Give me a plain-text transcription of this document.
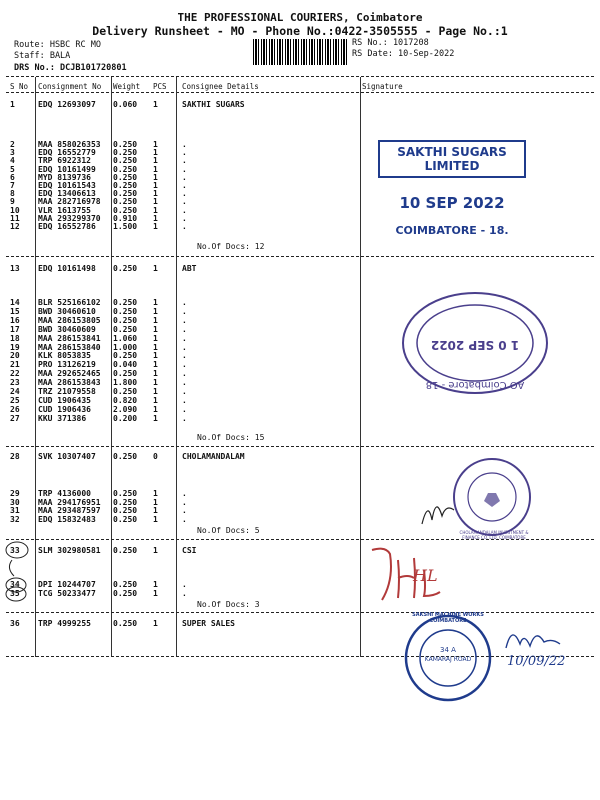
THE PROFESSIONAL COURIERS, Coimbatore
Delivery Runsheet - MO - Phone No.:0422-3505555 - Page No.:1
Route: HSBC RC MO
Staff: BALA
DRS No.: DCJB101720801
RS No.: 1017208
RS Date: 10-Sep-2022
S No Consignment No Weight PCS Consignee Details	Signature
1	EDQ 12693097 0.060 1	SAKTHI SUGARS
2	MAA 858026353 0.250 1	.
3	EDQ 16552779 0.250 1	.
4	TRP 6922312	0.250 1	.
5	EDQ 10161499 0.250 1	.
6	MYD 8139736	0.250 1	.
7	EDQ 10161543 0.250 1	.
8	EDQ 13406613 0.250 1	.
9	MAA 282716978 0.250 1	.
10 VLR 1613755	0.250 1	.
11 MAA 293299370 0.910 1	.
12 EDQ 16552786 1.500 1	.
No.Of Docs: 12
13 EDQ 10161498 0.250 1	ABT
14 BLR 525166102 0.250 1	.
15 BWD 30460610 0.250 1	.
16 MAA 286153805 0.250 1	.
17 BWD 30460609 0.250 1	.
18 MAA 286153841 1.060 1	.
19 MAA 286153840 1.000 1	.
20 KLK 8053835	0.250 1	.
21 PRO 13126219 0.040 1	.
22 MAA 292652465 0.250 1	.
23 MAA 286153843 1.800 1	.
24 TRZ 21079558 0.250 1	.
25 CUD 1906435	0.820 1	.
26 CUD 1906436	2.090 1	.
27 KKU 371386	0.200 1	.
No.Of Docs: 15
28 SVK 10307407 0.250 0	CHOLAMANDALAM
29 TRP 4136000	0.250 1	.
30 MAA 294176951 0.250 1	.
31 MAA 293487597 0.250 1	.
32 EDQ 15832483 0.250 1	.
No.Of Docs: 5
33 SLM 302980581 0.250 1	CSI
34 DPI 10244707 0.250 1	.
35 TCG 50233477 0.250 1	.
No.Of Docs: 3
36 TRP 4999255	0.250 1	SUPER SALES
SAKTHI SUGARS LIMITED
10 SEP 2022
COIMBATORE - 18.
AO Coimbatore - 18
1 0 SEP 2022
CHOLAMANDALAM INVESTMENT & FINANCE CO. LTD. COIMBATORE
HL
SAKSHI MACHINE WORKS COIMBATORE
34 A
KAMARAJ ROAD	10/09/22
